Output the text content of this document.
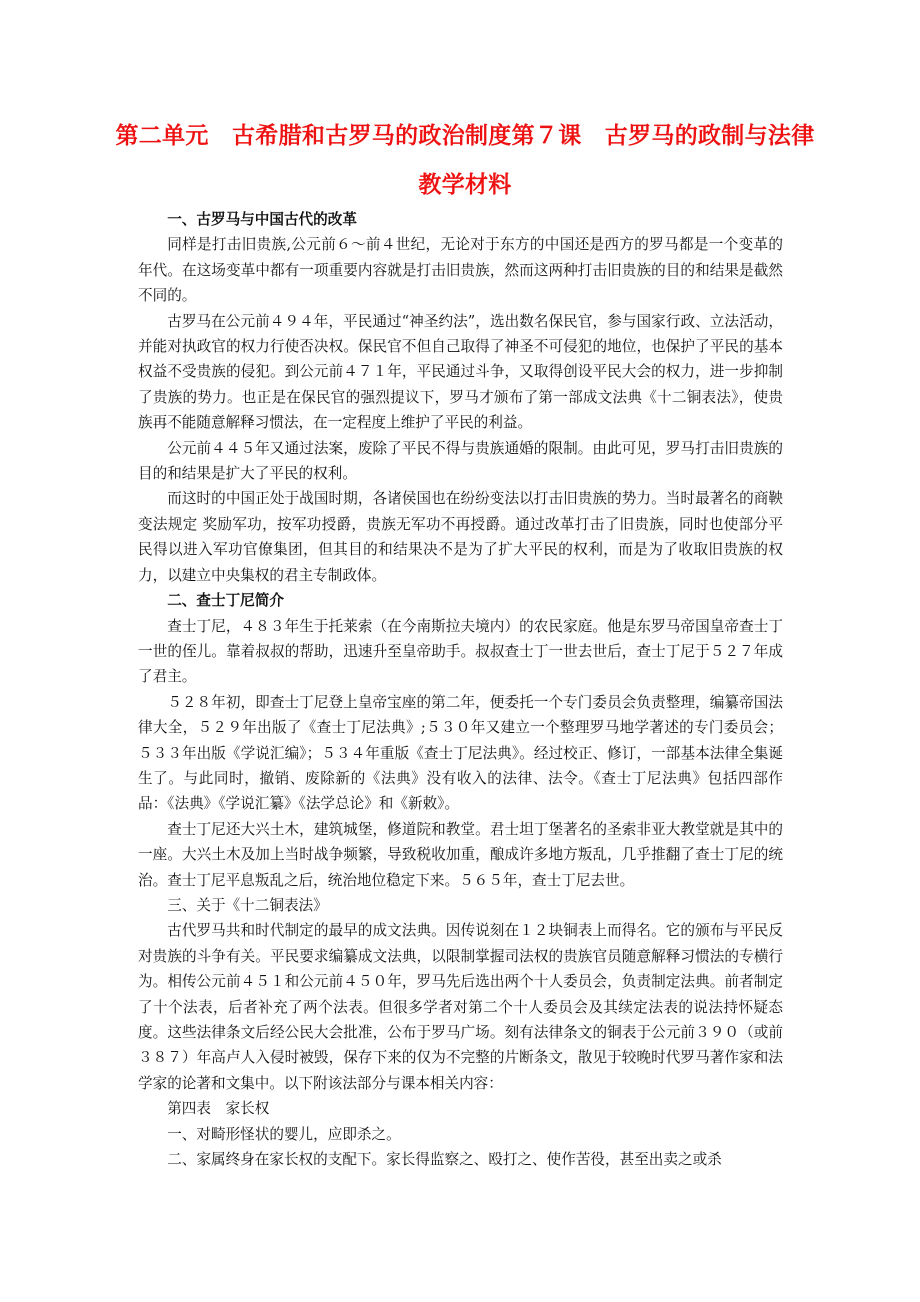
第二单元　古希腊和古罗马的政治制度第７课　古罗马的政制与法律
教学材料

一、古罗马与中国古代的改革

同样是打击旧贵族,公元前６～前４世纪，无论对于东方的中国还是西方的罗马都是一个变革的年代。在这场变革中都有一项重要内容就是打击旧贵族，然而这两种打击旧贵族的目的和结果是截然不同的。

古罗马在公元前４９４年，平民通过“神圣约法”，选出数名保民官，参与国家行政、立法活动，并能对执政官的权力行使否决权。保民官不但自己取得了神圣不可侵犯的地位，也保护了平民的基本权益不受贵族的侵犯。到公元前４７１年，平民通过斗争，又取得创设平民大会的权力，进一步抑制了贵族的势力。也正是在保民官的强烈提议下，罗马才颁布了第一部成文法典《十二铜表法》，使贵族再不能随意解释习惯法，在一定程度上维护了平民的利益。

公元前４４５年又通过法案，废除了平民不得与贵族通婚的限制。由此可见，罗马打击旧贵族的目的和结果是扩大了平民的权利。

而这时的中国正处于战国时期，各诸侯国也在纷纷变法以打击旧贵族的势力。当时最著名的商鞅变法规定 奖励军功，按军功授爵，贵族无军功不再授爵。通过改革打击了旧贵族，同时也使部分平民得以进入军功官僚集团，但其目的和结果决不是为了扩大平民的权利，而是为了收取旧贵族的权力，以建立中央集权的君主专制政体。

二、查士丁尼简介

查士丁尼，４８３年生于托莱索（在今南斯拉夫境内）的农民家庭。他是东罗马帝国皇帝查士丁一世的侄儿。靠着叔叔的帮助，迅速升至皇帝助手。叔叔查士丁一世去世后，查士丁尼于５２７年成了君主。

５２８年初，即查士丁尼登上皇帝宝座的第二年，便委托一个专门委员会负责整理，编纂帝国法律大全，５２９年出版了《查士丁尼法典》;５３０年又建立一个整理罗马地学著述的专门委员会；５３３年出版《学说汇编》；５３４年重版《查士丁尼法典》。经过校正、修订，一部基本法律全集诞生了。与此同时，撤销、废除新的《法典》没有收入的法律、法令。《查士丁尼法典》包括四部作品：《法典》《学说汇纂》《法学总论》和《新敕》。

查士丁尼还大兴土木，建筑城堡，修道院和教堂。君士坦丁堡著名的圣索非亚大教堂就是其中的一座。大兴土木及加上当时战争频繁，导致税收加重，酿成许多地方叛乱，几乎推翻了查士丁尼的统治。查士丁尼平息叛乱之后，统治地位稳定下来。５６５年，查士丁尼去世。

三、关于《十二铜表法》

古代罗马共和时代制定的最早的成文法典。因传说刻在１２块铜表上而得名。它的颁布与平民反对贵族的斗争有关。平民要求编纂成文法典，以限制掌握司法权的贵族官员随意解释习惯法的专横行为。相传公元前４５１和公元前４５０年，罗马先后选出两个十人委员会，负责制定法典。前者制定了十个法表，后者补充了两个法表。但很多学者对第二个十人委员会及其续定法表的说法持怀疑态度。这些法律条文后经公民大会批准，公布于罗马广场。刻有法律条文的铜表于公元前３９０（或前３８７）年高卢人入侵时被毁，保存下来的仅为不完整的片断条文，散见于较晚时代罗马著作家和法学家的论著和文集中。以下附该法部分与课本相关内容：

第四表　家长权

一、对畸形怪状的婴儿，应即杀之。

二、家属终身在家长权的支配下。家长得监察之、殴打之、使作苦役，甚至出卖之或杀
